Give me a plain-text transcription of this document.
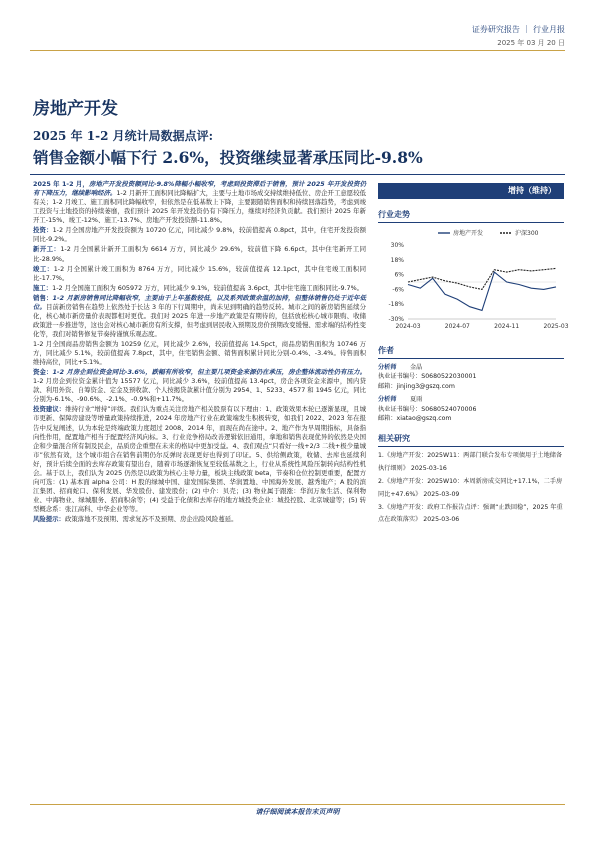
证券研究报告 ｜ 行业月报
2025 年 03 月 20 日
房地产开发
2025 年 1-2 月统计局数据点评:
销售金额小幅下行 2.6%，投资继续显著承压同比-9.8%

2025 年 1-2 月，房地产开发投资额同比-9.8%降幅小幅收窄，考虑到投资滞后于销售，预计 2025 年开发投资仍有下降压力，继续影响经济。1-2 月新开工面积同比降幅扩大，主要与土地市场成交持续维持低位、房企开工意愿较低有关；1-2 月竣工、施工面积同比降幅收窄，但依然是在低基数上下降，主要跟随销售面积和持续回落趋势，考虑到竣工投资与土地投资的持续萎靡，我们预计 2025 年开发投资仍有下降压力，继续对经济负贡献。我们预计 2025 年新开工-15%、竣工-12%、施工-13.7%、房地产开发投资额-11.8%。

投资：1-2 月全国房地产开发投资额为 10720 亿元，同比减少 9.8%，较前值提高 0.8pct，其中，住宅开发投资额同比-9.2%。

新开工：1-2 月全国累计新开工面积为 6614 万方，同比减少 29.6%，较前值下降 6.6pct，其中住宅新开工同比-28.9%。

竣工：1-2 月全国累计竣工面积为 8764 万方，同比减少 15.6%，较前值提高 12.1pct，其中住宅竣工面积同比-17.7%。

施工：1-2 月全国施工面积为 605972 万方，同比减少 9.1%，较前值提高 3.6pct，其中住宅施工面积同比-9.7%。

销售：1-2 月新房销售同比降幅收窄，主要由于上年基数较低，以及系列政策余温的加持，但整体销售仍处于近年低位。目前新房销售在趋势上依然处于长达 3 年的下行周期中，尚未见到明确的趋势反转。城市之间的新房销售延续分化，核心城市新房量价表现都相对更优。我们对 2025 年进一步地产政策是有期待的，包括放松核心城市限购、收储政策进一步推进等，这也会对核心城市新房有所支撑，但考虑到居民收入预期及房价预期改变缓慢、需求端的结构性变化等，我们对销售修复节奏持谨慎乐观态度。

1-2 月全国商品房销售金额为 10259 亿元，同比减少 2.6%，较前值提高 14.5pct，商品房销售面积为 10746 万方，同比减少 5.1%，较前值提高 7.8pct，其中，住宅销售金额、销售面积累计同比分别-0.4%、-3.4%。待售面积维持高位，同比+5.1%。

资金：1-2 月房企到位资金同比-3.6%，跌幅有所收窄，但主要几项资金来源仍在承压，房企整体流动性仍有压力。1-2 月房企到位资金累计值为 15577 亿元，同比减少 3.6%，较前值提高 13.4pct，房企各项资金来源中，国内贷款、利用外资、自筹资金、定金及预收款、个人按揭贷款累计值分别为 2954、1、5233、4577 和 1945 亿元，同比分别为-6.1%、-90.6%、-2.1%、-0.9%和+11.7%。

投资建议：维持行业“增持”评级。我们认为重点关注房地产相关股票有以下理由：1、政策效果本轮已逐渐显现，且城市更新、保障房建设等增量政策持续推进，2024 年房地产行业在政策端发生积极转变，如我们 2022、2023 年在报告中反复阐述，认为本轮是终端政策力度超过 2008、2014 年，而现在尚在途中。2、地产作为早周期指标，具备指向性作用，配置地产相当于配置经济风向标。3、行业竞争格局改善逻辑依旧通用，拿地和销售表现优异的依然是央国企和少量混合所有制及民企，品质房企重塑在未来的格局中更加受益。4、我们观点“只看好一线+2/3 二线+极少量城市”依然有效，这个城市组合在销售前期仍尔反弹时表现更好也得到了印证。5、供给侧政策，收储、去库也延续利好，预计后续全面的去库存政策有望出台，随着市场逐渐恢复至较低基数之上，行业从系统性风险压制转向结构性机会。基于以上，我们认为 2025 仍然是以政策为核心主导力量，板块主线政策 beta，节奏和仓位控制更重要，配置方向可选：(1) 基本面 alpha 公司：H 股的绿城中国、建发国际集团、华润置地、中国海外发展、越秀地产；A 股的滨江集团、招商蛇口、保利发展、华发股份、建发股份；(2) 中介：贝壳；(3) 物业属于跟涨：华润万象生活、保利物业、中海物业、绿城服务、招商积余等；(4) 受益于化债和去库存的地方城投类企业：城投控股、北京城建等；(5) 转型概念系：张江高科、中华企业等等。

风险提示：政策落地不及预期、需求复苏不及预期、房企出险风险蔓延。

增持（维持）
行业走势
30%
18%
6%
-6%
-18%
-30%
2024-03	2024-07	2024-11	2025-03
房地产开发	沪深300
作者
分析师 金晶
执业证书编号：S0680522030001
邮箱：jinjing3@gszq.com
分析师 夏雨
执业证书编号：S0680524070006
邮箱：xiatao@gszq.com
相关研究
1.《房地产开发：2025W11：两部门联合发布专项债用于土地储备执行细则》 2025-03-16
2.《房地产开发：2025W10：本周新房成交同比+17.1%，二手房同比+47.6%》 2025-03-09
3.《房地产开发：政府工作报告点评：强调“止跌回稳”，2025 年重点在政策落实》 2025-03-06
请仔细阅读本报告末页声明
